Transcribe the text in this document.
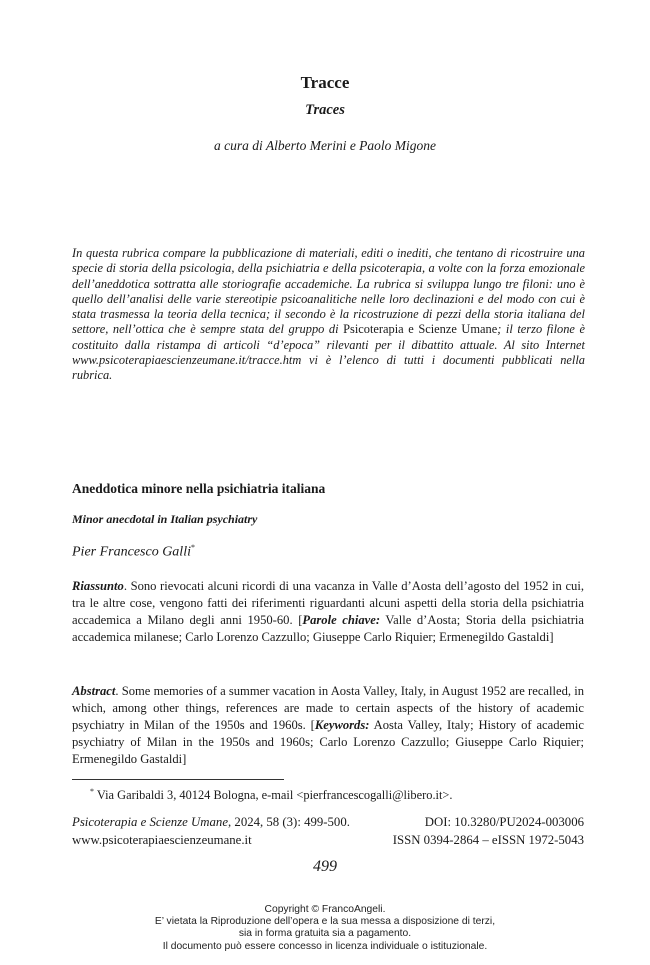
Tracce
Traces
a cura di Alberto Merini e Paolo Migone

In questa rubrica compare la pubblicazione di materiali, editi o inediti, che tentano di ricostruire una specie di storia della psicologia, della psichiatria e della psicoterapia, a volte con la forza emozionale dell’aneddotica sottratta alle storiografie accademiche. La rubrica si sviluppa lungo tre filoni: uno è quello dell’analisi delle varie stereotipie psicoanalitiche nelle loro declinazioni e del modo con cui è stata trasmessa la teoria della tecnica; il secondo è la ricostruzione di pezzi della storia italiana del settore, nell’ottica che è sempre stata del gruppo di Psicoterapia e Scienze Umane; il terzo filone è costituito dalla ristampa di articoli “d’epoca” rilevanti per il dibattito attuale. Al sito Internet www.psicoterapiaescienzeumane.it/tracce.htm vi è l’elenco di tutti i documenti pubblicati nella rubrica.

Aneddotica minore nella psichiatria italiana
Minor anecdotal in Italian psychiatry
Pier Francesco Galli*

Riassunto. Sono rievocati alcuni ricordi di una vacanza in Valle d’Aosta dell’agosto del 1952 in cui, tra le altre cose, vengono fatti dei riferimenti riguardanti alcuni aspetti della storia della psichiatria accademica a Milano degli anni 1950-60. [Parole chiave: Valle d’Aosta; Storia della psichiatria accademica milanese; Carlo Lorenzo Cazzullo; Giuseppe Carlo Riquier; Ermenegildo Gastaldi]

Abstract. Some memories of a summer vacation in Aosta Valley, Italy, in August 1952 are recalled, in which, among other things, references are made to certain aspects of the history of academic psychiatry in Milan of the 1950s and 1960s. [Keywords: Aosta Valley, Italy; History of academic psychiatry of Milan in the 1950s and 1960s; Carlo Lorenzo Cazzullo; Giuseppe Carlo Riquier; Ermenegildo Gastaldi]

* Via Garibaldi 3, 40124 Bologna, e-mail <pierfrancescogalli@libero.it>.
Psicoterapia e Scienze Umane, 2024, 58 (3): 499-500.	DOI: 10.3280/PU2024-003006
www.psicoterapiaescienzeumane.it	ISSN 0394-2864 – eISSN 1972-5043
499
Copyright © FrancoAngeli.
E’ vietata la Riproduzione dell’opera e la sua messa a disposizione di terzi,
sia in forma gratuita sia a pagamento.
Il documento può essere concesso in licenza individuale o istituzionale.
